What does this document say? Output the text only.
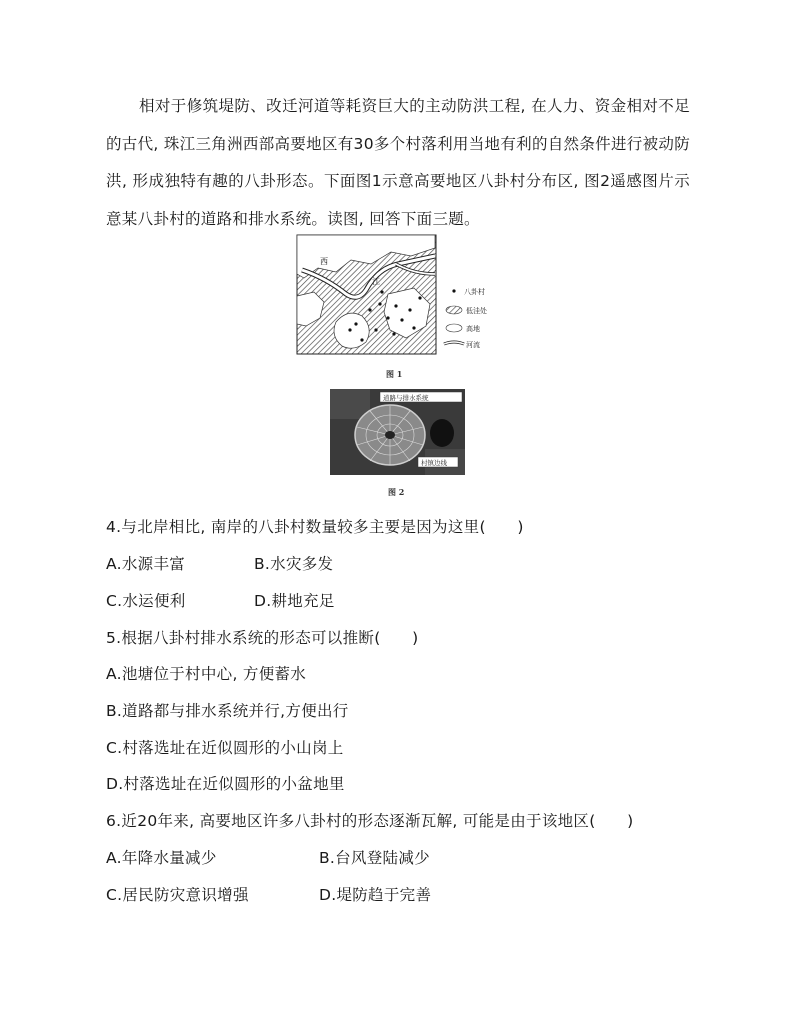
相对于修筑堤防、改迁河道等耗资巨大的主动防洪工程, 在人力、资金相对不足的古代, 珠江三角洲西部高要地区有30多个村落利用当地有利的自然条件进行被动防洪, 形成独特有趣的八卦形态。下面图1示意高要地区八卦村分布区, 图2遥感图片示意某八卦村的道路和排水系统。读图, 回答下面三题。

西
江
八卦村
低洼处
高地
河流
图 1
道路与排水系统
村镇边线
图 2

4.与北岸相比, 南岸的八卦村数量较多主要是因为这里(　　)

A.水源丰富	B.水灾多发

C.水运便利	D.耕地充足

5.根据八卦村排水系统的形态可以推断(　　)

A.池塘位于村中心, 方便蓄水

B.道路都与排水系统并行,方便出行

C.村落选址在近似圆形的小山岗上

D.村落选址在近似圆形的小盆地里

6.近20年来, 高要地区许多八卦村的形态逐渐瓦解, 可能是由于该地区(　　)

A.年降水量减少	B.台风登陆减少

C.居民防灾意识增强	D.堤防趋于完善
